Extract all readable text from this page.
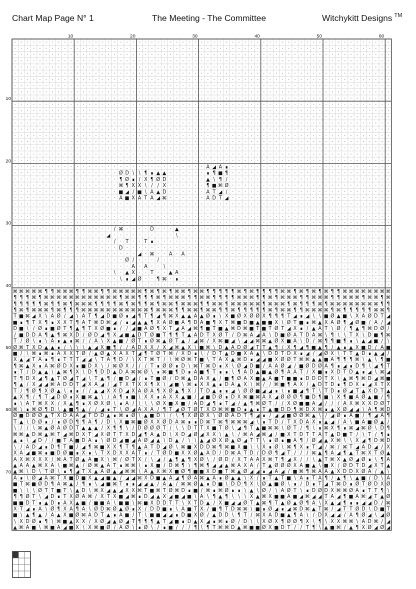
Chart Map Page N° 1	The Meeting - The Committee	Witchykitt Designs ™
A ◢ A ∎
Ø D \ \ ¶ ∎ ▲ ▲	∎ ¶ ■ ¶
¶ Ø ∎ / X ¶ Ø D	▲ \ ¶ /
⌘ ¶ X X \ / / X	¶ ■ ⌘ Ø
■ ◢ / ■ \ A ▲ D	A T ◢ /
A ■ X A T A ◢ ⌘	A D T ◢
/ ⌘	D	▲
◢	\
/ T	T ∎
D
◢ ⌘	A A
Ø /	/
A A	\
\ ▲ X	T	▲ A
\ ∎ ◢ Ø	¶ ⌘ ∎
⌘ ⌘ ⌘ ⌘ ⌘ ¶ ¶ ⌘ ⌘ ⌘ ¶ ¶ ⌘ ⌘ ¶ ¶ ⌘ ⌘ ⌘ ⌘ ⌘ ¶ ⌘ ¶ ⌘ ¶ ⌘ ⌘ ¶ ⌘ ⌘ ¶ ¶ ¶ ¶ ¶ ⌘ ¶ ⌘ ¶ ¶ ¶ ¶ ⌘ ⌘ ¶ ⌘ ¶ ⌘ ¶ ⌘ ¶ ¶ ⌘ ⌘ ⌘ ⌘ ⌘ ⌘ ⌘ ⌘
¶ ¶ ¶ ⌘ ¶ ⌘ ⌘ ⌘ ⌘ ⌘ ⌘ ⌘ ⌘ ⌘ ⌘ ⌘ ⌘ ¶ ⌘ ⌘ ¶ ¶ ¶ ⌘ ¶ ⌘ ⌘ ⌘ ¶ ¶ ⌘ ⌘ ¶ ¶ ¶ ¶ ⌘ ⌘ ⌘ ¶ ¶ ⌘ ¶ ⌘ ⌘ ⌘ ¶ ¶ ⌘ ⌘ ⌘ ¶ ¶ ⌘ ⌘ ⌘ ¶ ⌘ ⌘ ¶ ⌘
¶ ¶ ¶ ¶ ¶ ⌘ ¶ ¶ ⌘ ¶ ⌘ ⌘ ⌘ ¶ ¶ ¶ ¶ ⌘ ¶ ⌘ ¶ ¶ ⌘ ¶ ⌘ ⌘ ¶ ⌘ ⌘ ⌘ ¶ ¶ ⌘ ⌘ ¶ ⌘ ⌘ ⌘ ⌘ ⌘ ¶ ⌘ ⌘ ⌘ ¶ ⌘ ¶ ¶ ¶ ⌘ ¶ ⌘ ⌘ ⌘ ⌘ ⌘ ⌘ ⌘ ⌘ ¶ ¶
¶ ⌘ ¶ ⌘ ⌘ ⌘ ¶ ⌘ ¶ ¶ ¶ ⌘ ⌘ ⌘ ⌘ ⌘ ⌘ ⌘ ⌘ ⌘ ⌘ ⌘ ¶ ⌘ ⌘ ⌘ ¶ ¶ ⌘ ⌘ ¶ ⌘ ⌘ ¶ ¶ ⌘ ¶ ¶ ¶ ¶ ¶ ⌘ ¶ ⌘ ⌘ ¶ ¶ ⌘ ⌘ ⌘ ⌘ ¶ ⌘ ¶ ¶ ¶ ¶ ¶ ⌘ ⌘ ¶
T ■ ⌘ ◢ X \ A Ø / ◢ \ A T ¶ ◢ D ■ Ø ∎ ◢ ¶ T ¶ ◢ ¶ ⌘ X ▲ ▲ A ▲ Ø ∎ \ X ■ Ø X Ø Ø X ¶ ¶ ¶ T ◢ ∎ ◢ \ \ ■ Ø ▲ ■ \ X A Ø D T ◢
■ ∎ ¶ T X ¶ ∎ X X T ¶ A T ⌘ D ⌘ ◢ / ∎ ◢ ▲ ▲ ¶ X A Ø ■ A ¶ D A ■ ¶ X T ⌘ ■ D ■ ▲ ■ ■ X \ Ø T ■ ∎ ⌘ ▲ X A Ø ¶ ◢ Ø ■ / A / ◢
D ■ \ / Ø ∎ ■ Ø T ¶ ▲ ¶ T X Ø ■ ∎ / / ◢ ■ A Ø ¶ X T ◢ A ◢ ⌘ ¶ ■ T ■ ▲ ⌘ D ⌘ ■ T ■ T Ø T ◢ X ∎ / ▲ A T \ Ø / ¶ ▲ ¶ ⌘ D Ø /
/ ■ D D A ¶ ▲ ¶ ⌘ X D / Ø D ◢ ¶ X ◢ ■ ▲ D T Ø ■ T ¶ ¶ T ▲ A D T X Ø T / D ⌘ A ◢ A \ D ■ Ø A T D A ⌘ \ ¶ \ \ T X \ D ■ ¶ ⌘
T / Ø \ ∎ \ A ∎ ▲ ∎ ⌘ / / A \ X ▲ ■ / Ø T ∎ Ø ⌘ ▲ Ø T ▲ / ◢ ⌘ / X ⌘ ■ ◢ \ ◢ ◢ ⌘ ⌘ ▲ Ø X ■ A \ D / ⌘ ¶ ¶ ■ ¶ ∎ \ ▲ ◢ ■ / \
Ø ⌘ T X D ▲ ▲ ∎ / \ \ \ ▲ ◢ X ■ ¶ / / A D X X / X ◢ ⌘ ▲ X \ ■ ⌘ \ D ▲ A D Ø ◢ T T ▲ ¶ / X ¶ ◢ ¶ ■ ▲ ¶ / ▲ ∎ ▲ X ■ D / A ■
■ / \ ⌘ ∎ ⌘ ∎ A X X T Ø / ▲ Ø ▲ X A X T ◢ ¶ T Ø T ⌘ / X D ∎ \ / D T ▲ D ■ X A ▲ \ D D T D X ∎ ◢ / ◢ Ø X \ T T ▲ D ∎ ▲ ◢ /
X ▲ ◢ T A ∎ ¶ ∎ T T T ◢ ◢ \ T A ¶ D / \ X T ⌘ T / \ ⌘ Ø ⌘ T ■ \ T A X ▲ ⌘ D ∎ ◢ ◢ ■ X Ø Ø T ⌘ ⌘ ▲ ▲ ■ A ¶ ¶ ¶ ⌘ \ ▲ \ ¶ ■
¶ ⌘ ▲ X ∎ A ⌘ Ø D X ∎ ■ D X \ / ⌘ Ø X / / / T ∎ Ø Ø ∎ D \ ⌘ T ⌘ D ∎ X \ Ø ◢ D ■ / A A Ø ◢ / ■ Ø D Ø A ¶ ∎ ◢ ∎ D ¶ \ ◢ ¶ T
∎ T / D ▲ ▲ \ ▲ ⌘ ¶ X \ D ¶ D D ▲ D A ⌘ ⌘ Ø \ ∎ ⌘ ■ ¶ D ∎ A ■ ¶ T ∎ ∎ \ ¶ A D ▲ ■ ▲ Ø ¶ A A T / X ■ ∎ X D T D ▲ ∎ ◢ \ ⌘ ◢
T ¶ D X ◢ ¶ ▲ T Ø ◢ T ◢ \ T ▲ ¶ / ■ D ◢ / ∎ T ■ Ø / D ⌘ ▲ D A X ▲ / ■ ¶ Ø A X ■ ▲ A ■ T ■ ■ ∎ D D D T X \ ▲ ⌘ ¶ ⌘ D ◢ ⌘ ■
¶ ▲ / X ◢ ◢ ⌘ A D D T ◢ X A ◢ / ◢ T X T X X ¶ X \ ◢ ■ \ ⌘ ∎ X X ▲ ∎ D A ▲ X \ ⌘ / / ⌘ ■ ¶ A X / ▲ D T D ∎ ¶ D X ∎ ◢ X T X
T / ¶ Ø ¶ X Ø ▲ \ ∎ ∎ / / ▲ ◢ X X D ◢ X A Ø A ¶ X Ø ▲ ¶ X / T D ▲ ∎ ∎ ◢ \ Ø Ø ■ ◢ ◢ ∎ \ ∎ ■ ◢ ¶ T \ T D ∎ Ø ◢ T ▲ X D T ▲
▲ X ¶ / ¶ T ◢ D Ø ∎ X ■ ⌘ ▲ \ / A ¶ ∎ ■ \ X X ∎ A X X ▲ ■ / ◢ ■ D Ø ∎ D X ⌘ ■ ⌘ A X ◢ Ø Ø Ø ¶ ■ D ¶ ■ \ X ¶ ■ A Ø ▲ ■ / ¶
∎ \ A T ⌘ X X / X ▲ ¶ ∎ X Ø X Ø \ ∎ A / \ \ \ Ø X ■ X ■ / A D ◢ ¶ ∎ T ◢ / ▲ ¶ ⌘ Ø T / / X Ø ■ ■ A ◢ / / / A X ⌘ X X D Ø T
⌘ \ ∎ ⌘ Ø ¶ D \ ▲ ■ ¶ ▲ / / ◢ ∎ T \ Ø ◢ A X A / ¶ T ◢ Ø T Ø T X D ⌘ ⌘ ■ D ∎ ▲ ∎ T ▲ ■ D D ¶ ⌘ D X ⌘ ∎ ▲ X Ø ◢ ◢ \ A ¶ ⌘ D
Ø ■ D Ø Ø ▲ T X D A A ◢ T D D ▲ ∎ ⌘ ∎ Ø \ ▲ ■ D \ / \ ¶ X Ø Ø X \ Ø Ø A D T ¶ ◢ ∎ / ◢ ◢ ■ Ø Ø ⌘ ▲ \ / ◢ Ø ∎ A ■ / ¶ ◢ A ¶
T ▲ \ D Ø ∎ / ∎ Ø D ¶ ¶ A ¶ / D \ X ■ ⌘ ■ Ø X X Ø D A ⌘ ∎ ∎ D ⌘ T ⌘ ¶ ⌘ ⌘ ⌘ ◢ \ ∎ T D / T X D A X ∎ ▲ ◢ / A \ ■ A ■ Ø ▲ /
\ / / \ ⌘ ▲ Ø A Ø D T ▲ ▲ ▲ / X ¶ ¶ \ / D Ø Ø Ø T / \ \ D T T X ■ T Ø \ ◢ ¶ T ▲ ■ ⌘ ⌘ \ Ø T / ¶ \ ∎ ⌘ X ¶ ∎ ⌘ ◢ ⌘ Ø \ D ¶
⌘ ⌘ ▲ D ⌘ ▲ ⌘ T ◢ ⌘ D X T ◢ X Ø T T X D ◢ ¶ A ▲ D \ X D ◢ Ø ◢ X X \ ▲ \ / ⌘ A ◢ ⌘ ◢ / ■ X T D T T A T ▲ D ■ T / \ T / ¶ ∎
▲ ∎ \ ◢ D / / ■ T A ■ D A ∎ \ Ø D ◢ ■ ◢ A Ø ◢ ▲ \ D ▲ / \ \ ▲ ◢ Ø X Ø ▲ Ø ◢ T T \ ∎ Ø ∎ ■ A ¶ / Ø ◢ ▲ X ⌘ \ \ X ◢ ¶ D ⌘ D
\ / A D ◢ ∎ D ¶ T ■ / ◢ ¶ ⌘ ■ X X ¶ T ¶ ▲ A T D ◢ Ø \ ⌘ ■ X D D ⌘ ¶ ⌘ ■ X ■ \ \ X ∎ Ø \ ⌘ ¶ X ∎ T ◢ / ⌘ / ⌘ T ◢ A D ◢ / X
X A ◢ ■ ⌘ ∎ ■ D Ø ■ ∎ X ∎ \ T X D X X A T ∎ / T Ø D ■ X X Ø ▲ A D / D ⌘ A T D / D Ø ¶ ◢ T / / / ⌘ ▲ ¶ A ◢ ¶ ▲ T ⌘ X T Ø ▲
A X ⌘ X X X / ⌘ A T Ø ▲ A ■ X \ ⌘ / Ø T X / \ ◢ / ▲ ¶ ▲ ¶ X Ø \ / Ø D / X T A A X ⌘ T ¶ ◢ X / / \ ▲ T ⌘ X ▲ Ø ◢ Ø ∎ \ ¶ A
▲ A A ▲ ⌘ X A \ ■ ⌘ ▲ / Ø ⌘ ▲ A T ∎ ⌘ ⌘ \ ∎ X ■ / D ⌘ ¶ \ ¶ ⌘ ¶ ◢ ◢ ▲ ⌘ A X A / T ▲ Ø Ø Ø X A ■ ▲ \ ■ X / Ø D T D ◢ X T ▲
▲ ⌘ \ D \ T Ø \ ∎ ¶ ◢ T X ▲ A Ø ▲ ◢ ⌘ ⌘ \ A ▲ X ⌘ X ■ Ø ¶ ■ ■ X D ■ T ⌘ ▲ Ø ◢ ◢ ∎ ◢ A ◢ / ■ ⌘ ¶ ⌘ A A ▲ X D D X Ø A / ▲ \
A ∎ \ Ø ◢ A ⌘ T X ■ D ■ X ▲ ◢ ■ ▲ / ◢ ◢ ⌘ X D ■ ▲ A ◢ ¶ Ø A ⌘ ▲ A ∎ Ø ▲ ▲ \ X / ∎ T ▲ T ■ \ A ∎ T A ¶ / ▲ ¶ \ ▲ ■ / D \ A
■ T ⌘ ■ Ø D ¶ A ⌘ ▲ / ¶ ∎ \ ◢ ■ ⌘ T ∎ ∎ ◢ ◢ ▲ / A ▲ / ⌘ ⌘ Ø ▲ ∎ D ■ \ D D ¶ X \ Ø ▲ ■ Ø \ ∎ / D ∎ T ◢ T ⌘ D ∎ Ø T Ø D X Ø
■ \ \ \ Ø T T ■ T \ ▲ D \ ⌘ X ◢ ▲ ◢ X X ⌘ T ■ ⌘ T Ø ⌘ D ∎ ■ / ⌘ ∎ ⌘ Ø ∎ ∎ \ ▲ \ Ø / \ A Ø T \ ∎ D Ø D X ⌘ ⌘ Ø A ∎ T T ¶ \
¶ ¶ Ø T \ ◢ D ∎ T X Ø A ⌘ / X T X ■ ◢ ⌘ ∎ D ◢ ▲ X ◢ ■ ◢ ■ \ A \ ¶ ▲ ¶ \ \ \ X ▲ ⌘ X ■ ■ A ■ ◢ ⌘ ◢ ◢ T A ◢ ¶ ■ A ⌘ ◢ T ▲ Ø
■ ■ D T ∎ ▲ D ∎ A X ▲ ■ / ■ ■ A \ ■ ■ \ ⌘ ■ X D D T T \ X T D ▲ / X ■ ◢ ◢ Ø T ▲ ⌘ ¶ T ▲ Ø ▲ Ø ¶ A \ X ▲ ◢ ¶ ∎ ∎ ◢ ◢ D / ⌘
X T ◢ ∎ A \ Ø ¶ X A ¶ A \ Ø D ⌘ Ø ▲ Ø ∎ X / D D ■ ∎ \ A ■ T X / ■ ¶ T D ⌘ ⌘ \ ■ ∎ Ø ◢ ∎ ◢ ⌘ D ⌘ ▲ T ⌘ / ◢ T T Ø D \ D ■ T
■ \ ▲ ¶ ▲ / A ▲ X ■ Ø ⌘ A D T ▲ ∎ A ■ / T \ ■ ■ ◢ ◢ ∎ D ■ X Ø / ▲ D D \ ¶ T / ⌘ X A D ■ ▲ ¶ A \ / D X ◢ ◢ / A ¶ Ø ◢ \ ◢ Ø
\ X D Ø ∎ ¶ \ ⌘ ■ ▲ X X / X Ø ◢ ▲ Ø ◢ T ¶ ¶ ¶ ▲ T ◢ ■ ∎ D ▲ X ◢ ∎ ⌘ ∎ Ø / D \ \ X Ø X ¶ Ø Ø ¶ X \ ¶ \ X X ⌘ ⌘ \ A D ⌘ / ◢
▲ ⌘ A ■ \ ⌘ ■ A ◢ ■ X \ X ⌘ ■ Ø / A Ø \ ∎ Ø \ / ∎ ■ / / / ¶ \ ¶ T ⌘ ⌘ D ▲ ⌘ ■ ■ Ø X ■ D T / / T ¶ \ ▲ ■ ⌘ / ▲ ¶ X Ø ◢ Ø ◢
10	20	30	40	50	60
10
20
30
40
50
60
70
